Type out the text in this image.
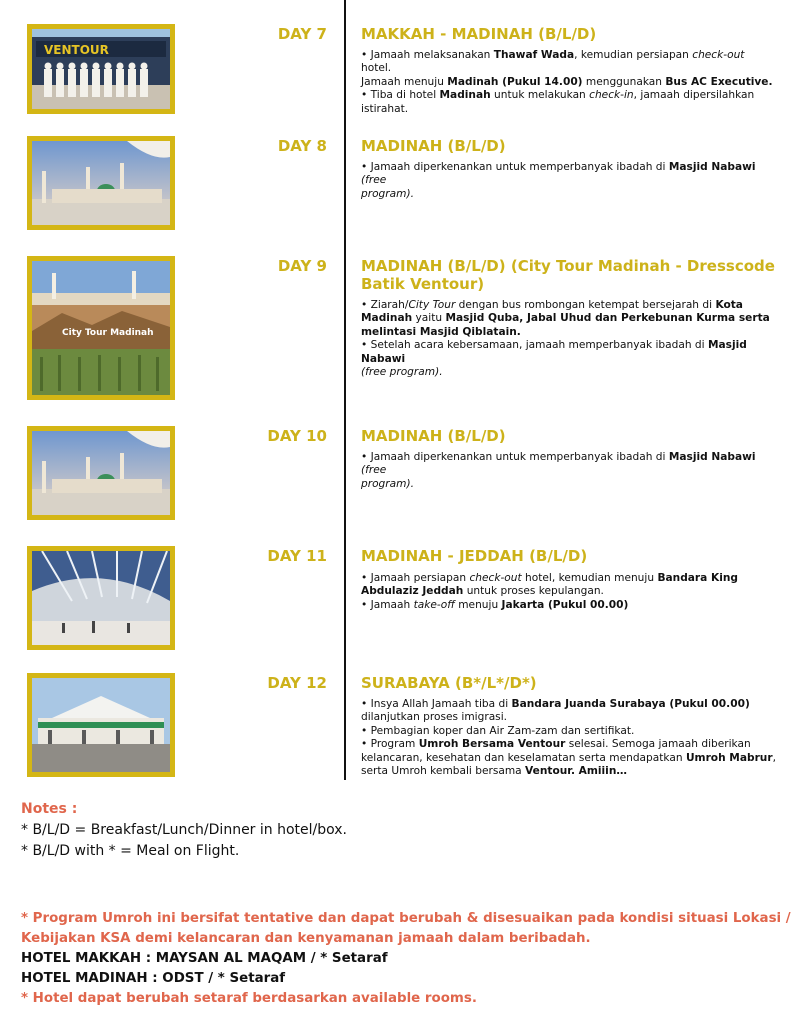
VENTOUR
DAY 7 MAKKAH - MADINAH (B/L/D)
• Jamaah melaksanakan Thawaf Wada, kemudian persiapan check-out hotel.
Jamaah menuju Madinah (Pukul 14.00) menggunakan Bus AC Executive.
• Tiba di hotel Madinah untuk melakukan check-in, jamaah dipersilahkan
istirahat.
DAY 8 MADINAH (B/L/D)
• Jamaah diperkenankan untuk memperbanyak ibadah di Masjid Nabawi (free
program).
City Tour Madinah
DAY 9 MADINAH (B/L/D) (City Tour Madinah - Dresscode Batik Ventour)
• Ziarah/City Tour dengan bus rombongan ketempat bersejarah di Kota
Madinah yaitu Masjid Quba, Jabal Uhud dan Perkebunan Kurma serta
melintasi Masjid Qiblatain.
• Setelah acara kebersamaan, jamaah memperbanyak ibadah di Masjid Nabawi
(free program).
DAY 10 MADINAH (B/L/D)
• Jamaah diperkenankan untuk memperbanyak ibadah di Masjid Nabawi (free
program).
DAY 11 MADINAH - JEDDAH (B/L/D)
• Jamaah persiapan check-out hotel, kemudian menuju Bandara King
Abdulaziz Jeddah untuk proses kepulangan.
• Jamaah take-off menuju Jakarta (Pukul 00.00)
DAY 12 SURABAYA (B*/L*/D*)
• Insya Allah Jamaah tiba di Bandara Juanda Surabaya (Pukul 00.00)
dilanjutkan proses imigrasi.
• Pembagian koper dan Air Zam-zam dan sertifikat.
• Program Umroh Bersama Ventour selesai. Semoga jamaah diberikan
kelancaran, kesehatan dan keselamatan serta mendapatkan Umroh Mabrur,
serta Umroh kembali bersama Ventour. Amiiin…
Notes :
* B/L/D = Breakfast/Lunch/Dinner in hotel/box.
* B/L/D with * = Meal on Flight.
* Program Umroh ini bersifat tentative dan dapat berubah & disesuaikan pada kondisi situasi Lokasi / Kebijakan KSA demi kelancaran dan kenyamanan jamaah dalam beribadah.
HOTEL MAKKAH : MAYSAN AL MAQAM / * Setaraf
HOTEL MADINAH : ODST / * Setaraf
* Hotel dapat berubah setaraf berdasarkan available rooms.
